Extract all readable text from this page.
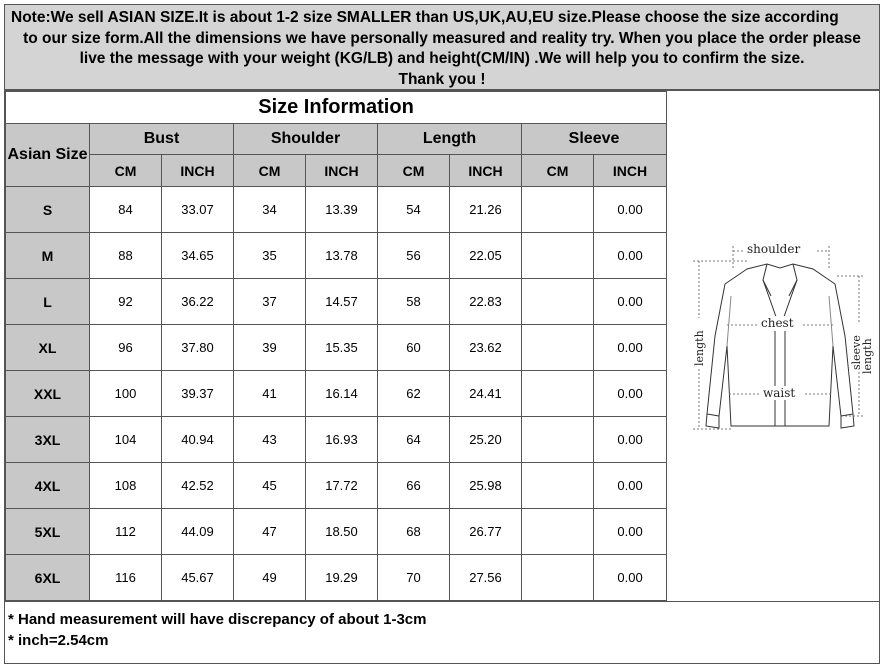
Note:We sell ASIAN SIZE.It is about 1-2 size SMALLER than US,UK,AU,EU size.Please choose the size according
to our size form.All the dimensions we have personally measured and reality try. When you place the order please
live the message with your weight (KG/LB) and height(CM/IN) .We will help you to confirm the size.
Thank you !
Size Information								
Asian Size	Bust		Shoulder		Length		Sleeve	
	CM	INCH	CM	INCH	CM	INCH	CM	INCH
S	84	33.07	34	13.39	54	21.26		0.00
M	88	34.65	35	13.78	56	22.05		0.00
L	92	36.22	37	14.57	58	22.83		0.00
XL	96	37.80	39	15.35	60	23.62		0.00
XXL	100	39.37	41	16.14	62	24.41		0.00
3XL	104	40.94	43	16.93	64	25.20		0.00
4XL	108	42.52	45	17.72	66	25.98		0.00
5XL	112	44.09	47	18.50	68	26.77		0.00
6XL	116	45.67	49	19.29	70	27.56		0.00
shoulder
chest
waist
length	sleeve
length
* Hand measurement will have discrepancy of about 1-3cm
* inch=2.54cm
